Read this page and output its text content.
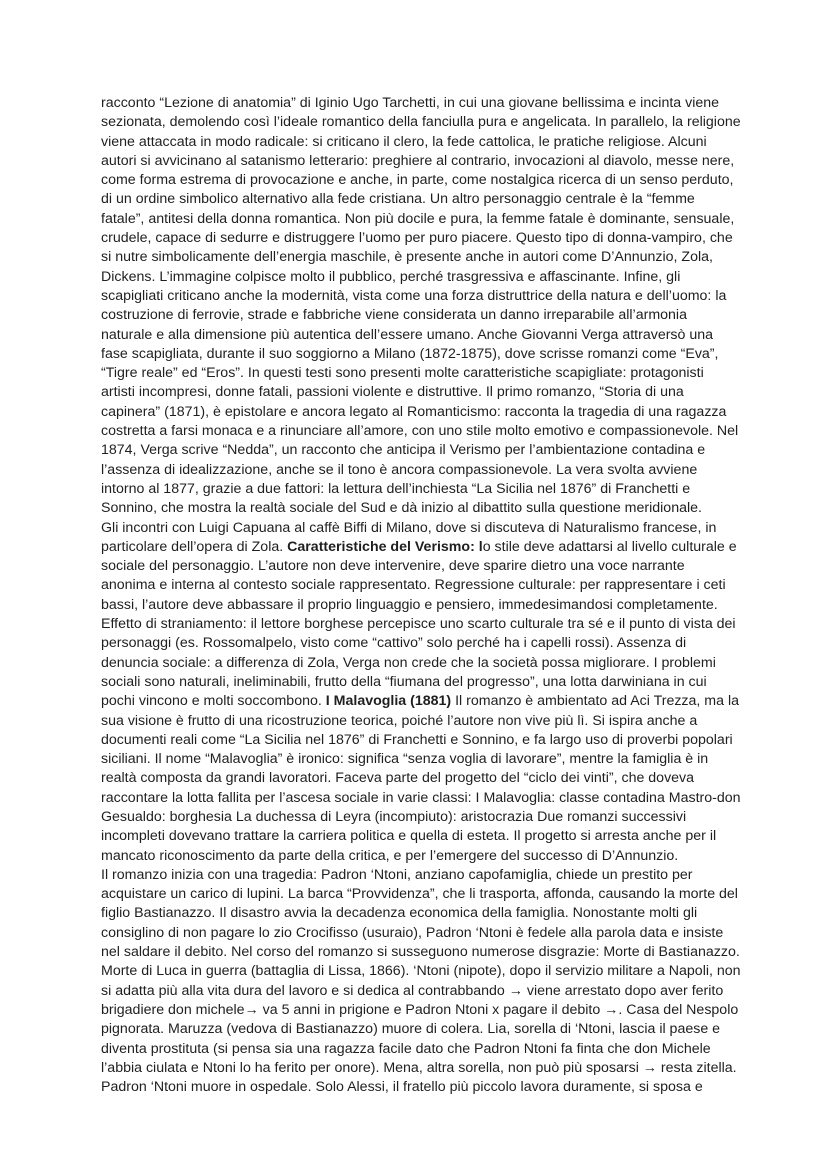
racconto “Lezione di anatomia” di Iginio Ugo Tarchetti, in cui una giovane bellissima e incinta viene
sezionata, demolendo così l’ideale romantico della fanciulla pura e angelicata. In parallelo, la religione
viene attaccata in modo radicale: si criticano il clero, la fede cattolica, le pratiche religiose. Alcuni
autori si avvicinano al satanismo letterario: preghiere al contrario, invocazioni al diavolo, messe nere,
come forma estrema di provocazione e anche, in parte, come nostalgica ricerca di un senso perduto,
di un ordine simbolico alternativo alla fede cristiana. Un altro personaggio centrale è la “femme
fatale”, antitesi della donna romantica. Non più docile e pura, la femme fatale è dominante, sensuale,
crudele, capace di sedurre e distruggere l’uomo per puro piacere. Questo tipo di donna-vampiro, che
si nutre simbolicamente dell’energia maschile, è presente anche in autori come D’Annunzio, Zola,
Dickens. L’immagine colpisce molto il pubblico, perché trasgressiva e affascinante. Infine, gli
scapigliati criticano anche la modernità, vista come una forza distruttrice della natura e dell’uomo: la
costruzione di ferrovie, strade e fabbriche viene considerata un danno irreparabile all’armonia
naturale e alla dimensione più autentica dell’essere umano. Anche Giovanni Verga attraversò una
fase scapigliata, durante il suo soggiorno a Milano (1872-1875), dove scrisse romanzi come “Eva”,
“Tigre reale” ed “Eros”. In questi testi sono presenti molte caratteristiche scapigliate: protagonisti
artisti incompresi, donne fatali, passioni violente e distruttive. Il primo romanzo, “Storia di una
capinera” (1871), è epistolare e ancora legato al Romanticismo: racconta la tragedia di una ragazza
costretta a farsi monaca e a rinunciare all’amore, con uno stile molto emotivo e compassionevole. Nel
1874, Verga scrive “Nedda”, un racconto che anticipa il Verismo per l’ambientazione contadina e
l’assenza di idealizzazione, anche se il tono è ancora compassionevole. La vera svolta avviene
intorno al 1877, grazie a due fattori: la lettura dell’inchiesta “La Sicilia nel 1876” di Franchetti e
Sonnino, che mostra la realtà sociale del Sud e dà inizio al dibattito sulla questione meridionale.
Gli incontri con Luigi Capuana al caffè Biffi di Milano, dove si discuteva di Naturalismo francese, in
particolare dell’opera di Zola. Caratteristiche del Verismo: lo stile deve adattarsi al livello culturale e
sociale del personaggio. L’autore non deve intervenire, deve sparire dietro una voce narrante
anonima e interna al contesto sociale rappresentato. Regressione culturale: per rappresentare i ceti
bassi, l’autore deve abbassare il proprio linguaggio e pensiero, immedesimandosi completamente.
Effetto di straniamento: il lettore borghese percepisce uno scarto culturale tra sé e il punto di vista dei
personaggi (es. Rossomalpelo, visto come “cattivo” solo perché ha i capelli rossi). Assenza di
denuncia sociale: a differenza di Zola, Verga non crede che la società possa migliorare. I problemi
sociali sono naturali, ineliminabili, frutto della “fiumana del progresso”, una lotta darwiniana in cui
pochi vincono e molti soccombono. I Malavoglia (1881) Il romanzo è ambientato ad Aci Trezza, ma la
sua visione è frutto di una ricostruzione teorica, poiché l’autore non vive più lì. Si ispira anche a
documenti reali come “La Sicilia nel 1876” di Franchetti e Sonnino, e fa largo uso di proverbi popolari
siciliani. Il nome “Malavoglia” è ironico: significa “senza voglia di lavorare”, mentre la famiglia è in
realtà composta da grandi lavoratori. Faceva parte del progetto del “ciclo dei vinti”, che doveva
raccontare la lotta fallita per l’ascesa sociale in varie classi: I Malavoglia: classe contadina Mastro-don
Gesualdo: borghesia La duchessa di Leyra (incompiuto): aristocrazia Due romanzi successivi
incompleti dovevano trattare la carriera politica e quella di esteta. Il progetto si arresta anche per il
mancato riconoscimento da parte della critica, e per l’emergere del successo di D’Annunzio.
Il romanzo inizia con una tragedia: Padron ‘Ntoni, anziano capofamiglia, chiede un prestito per
acquistare un carico di lupini. La barca “Provvidenza”, che li trasporta, affonda, causando la morte del
figlio Bastianazzo. Il disastro avvia la decadenza economica della famiglia. Nonostante molti gli
consiglino di non pagare lo zio Crocifisso (usuraio), Padron ‘Ntoni è fedele alla parola data e insiste
nel saldare il debito. Nel corso del romanzo si susseguono numerose disgrazie: Morte di Bastianazzo.
Morte di Luca in guerra (battaglia di Lissa, 1866). ‘Ntoni (nipote), dopo il servizio militare a Napoli, non
si adatta più alla vita dura del lavoro e si dedica al contrabbando → viene arrestato dopo aver ferito
brigadiere don michele→ va 5 anni in prigione e Padron Ntoni x pagare il debito →. Casa del Nespolo
pignorata. Maruzza (vedova di Bastianazzo) muore di colera. Lia, sorella di ‘Ntoni, lascia il paese e
diventa prostituta (si pensa sia una ragazza facile dato che Padron Ntoni fa finta che don Michele
l’abbia ciulata e Ntoni lo ha ferito per onore). Mena, altra sorella, non può più sposarsi → resta zitella.
Padron ‘Ntoni muore in ospedale. Solo Alessi, il fratello più piccolo lavora duramente, si sposa e
